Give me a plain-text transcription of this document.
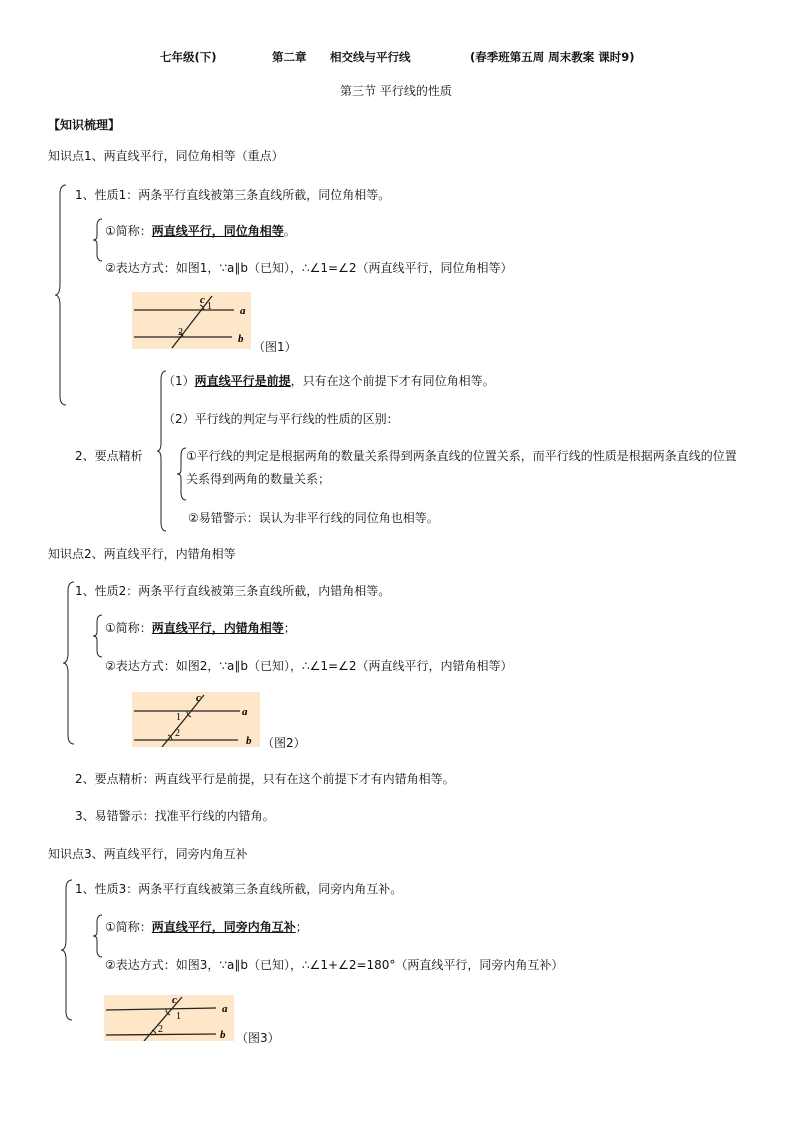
七年级(下)	第二章 相交线与平行线	(春季班第五周 周末教案 课时9)
第三节 平行线的性质
【知识梳理】
知识点1、两直线平行，同位角相等（重点）
1、性质1：两条平行直线被第三条直线所截，同位角相等。
①简称：两直线平行，同位角相等。
②表达方式：如图1，∵a∥b（已知），∴∠1=∠2（两直线平行，同位角相等）
c
1	a
2
b
（图1）
2、要点精析
（1）两直线平行是前提，只有在这个前提下才有同位角相等。
（2）平行线的判定与平行线的性质的区别：
①平行线的判定是根据两角的数量关系得到两条直线的位置关系，而平行线的性质是根据两条直线的位置
关系得到两角的数量关系；
②易错警示：误认为非平行线的同位角也相等。
知识点2、两直线平行，内错角相等
1、性质2：两条平行直线被第三条直线所截，内错角相等。
①简称：两直线平行，内错角相等；
②表达方式：如图2，∵a∥b（已知），∴∠1=∠2（两直线平行，内错角相等）
c
1	a
2
b （图2）
2、要点精析：两直线平行是前提，只有在这个前提下才有内错角相等。
3、易错警示：找准平行线的内错角。
知识点3、两直线平行，同旁内角互补
1、性质3：两条平行直线被第三条直线所截，同旁内角互补。
①简称：两直线平行，同旁内角互补；
②表达方式：如图3，∵a∥b（已知），∴∠1+∠2=180°（两直线平行，同旁内角互补）
c
1
a
2	b （图3）
